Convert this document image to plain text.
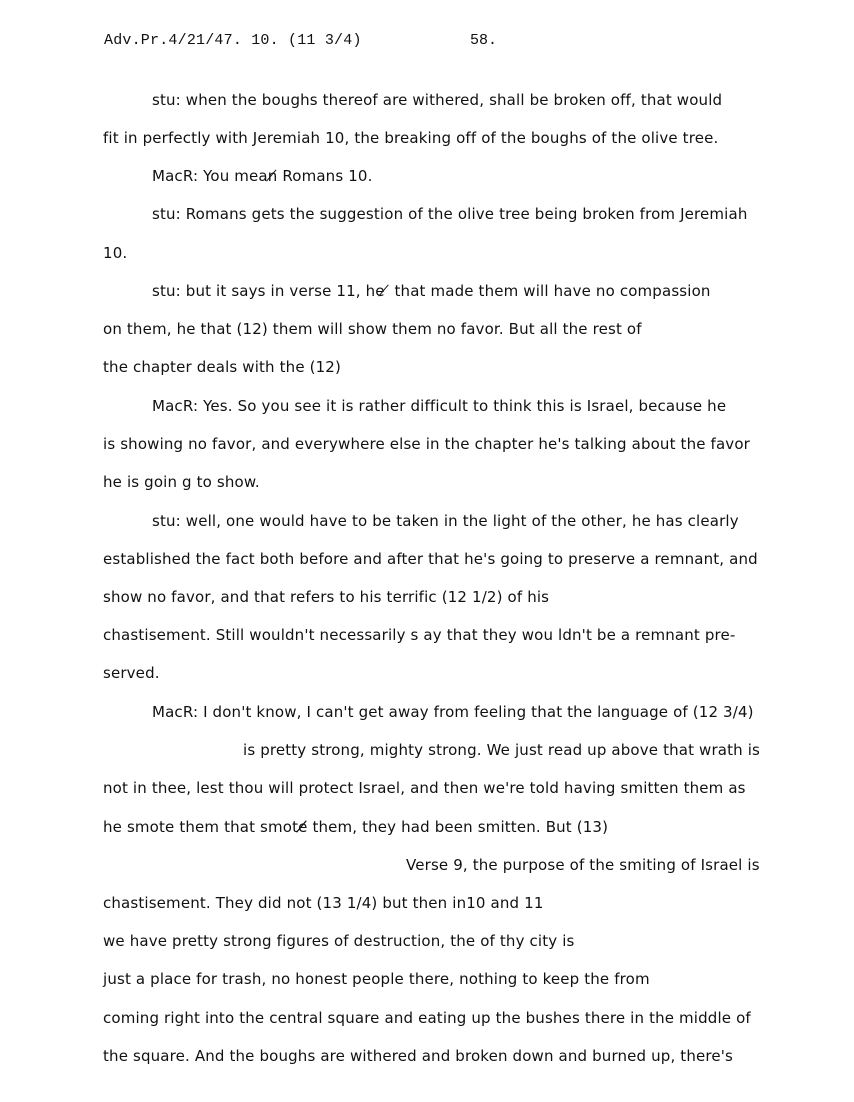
Adv.Pr.4/21/47. 10. (11 3/4)	58.
stu: when the boughs thereof are withered, shall be broken off, that would
fit in perfectly with Jeremiah 10, the breaking off of the boughs of the olive tree.
MacR: You mean̸ Romans 10.
stu: Romans gets the suggestion of the olive tree being broken from Jeremiah
10.
stu: but it says in verse 11, he ̸ that made them will have no compassion
on them, he that (12) them will show them no favor. But all the rest of
the chapter deals with the (12)
MacR: Yes. So you see it is rather difficult to think this is Israel, because he
is showing no favor, and everywhere else in the chapter he's talking about the favor
he is goin g to show.
stu: well, one would have to be taken in the light of the other, he has clearly
established the fact both before and after that he's going to preserve a remnant, and
show no favor, and that refers to his terrific (12 1/2) of his
chastisement. Still wouldn't necessarily s ay that they wou ldn't be a remnant pre-
served.
MacR: I don't know, I can't get away from feeling that the language of (12 3/4)
is pretty strong, mighty strong. We just read up above that wrath is
not in thee, lest thou will protect Israel, and then we're told having smitten them as
he smote them that smote̸̸̸ them, they had been smitten. But (13)
Verse 9, the purpose of the smiting of Israel is
chastisement. They did not (13 1/4) but then in10 and 11
we have pretty strong figures of destruction, the of thy city is
just a place for trash, no honest people there, nothing to keep the from
coming right into the central square and eating up the bushes there in the middle of
the square. And the boughs are withered and broken down and burned up, there's
